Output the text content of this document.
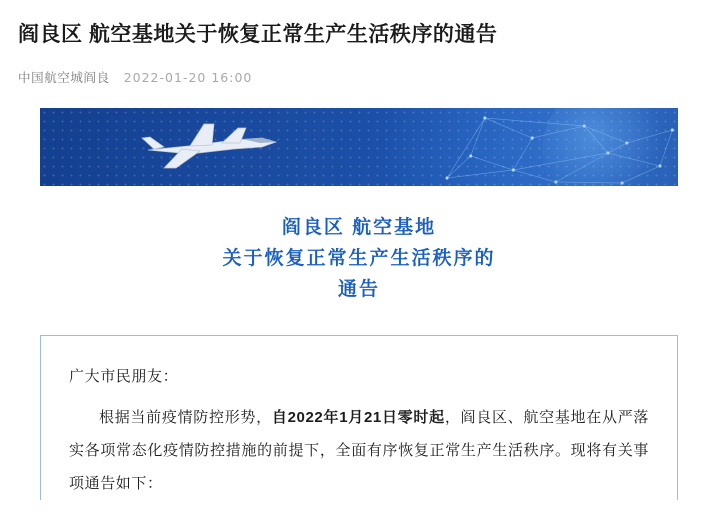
阎良区 航空基地关于恢复正常生产生活秩序的通告
中国航空城阎良 2022-01-20 16:00
阎良区 航空基地
关于恢复正常生产生活秩序的
通告

广大市民朋友：

根据当前疫情防控形势，自2022年1月21日零时起，阎良区、航空基地在从严落实各项常态化疫情防控措施的前提下，全面有序恢复正常生产生活秩序。现将有关事项通告如下：
